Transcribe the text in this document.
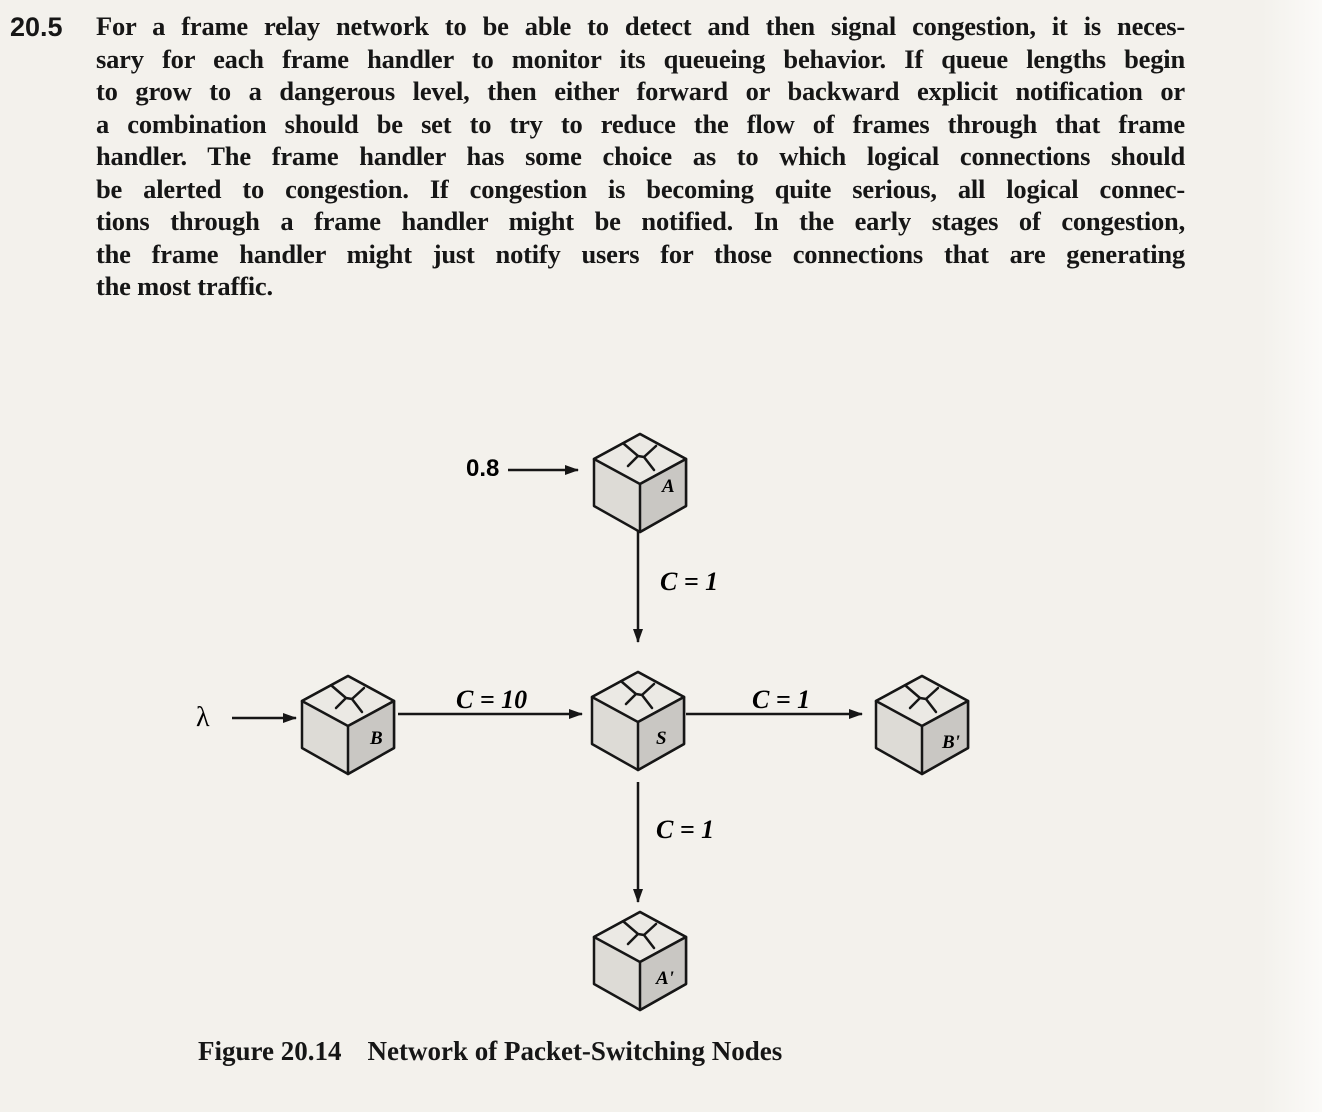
20.5 For a frame relay network to be able to detect and then signal congestion, it is neces-
sary for each frame handler to monitor its queueing behavior. If queue lengths begin
to grow to a dangerous level, then either forward or backward explicit notification or
a combination should be set to try to reduce the flow of frames through that frame
handler. The frame handler has some choice as to which logical connections should
be alerted to congestion. If congestion is becoming quite serious, all logical connec-
tions through a frame handler might be notified. In the early stages of congestion,
the frame handler might just notify users for those connections that are generating
the most traffic.
A
B	S	B'
A'
0.8
λ
C = 1
C = 10	C = 1
C = 1
Figure 20.14 Network of Packet-Switching Nodes
